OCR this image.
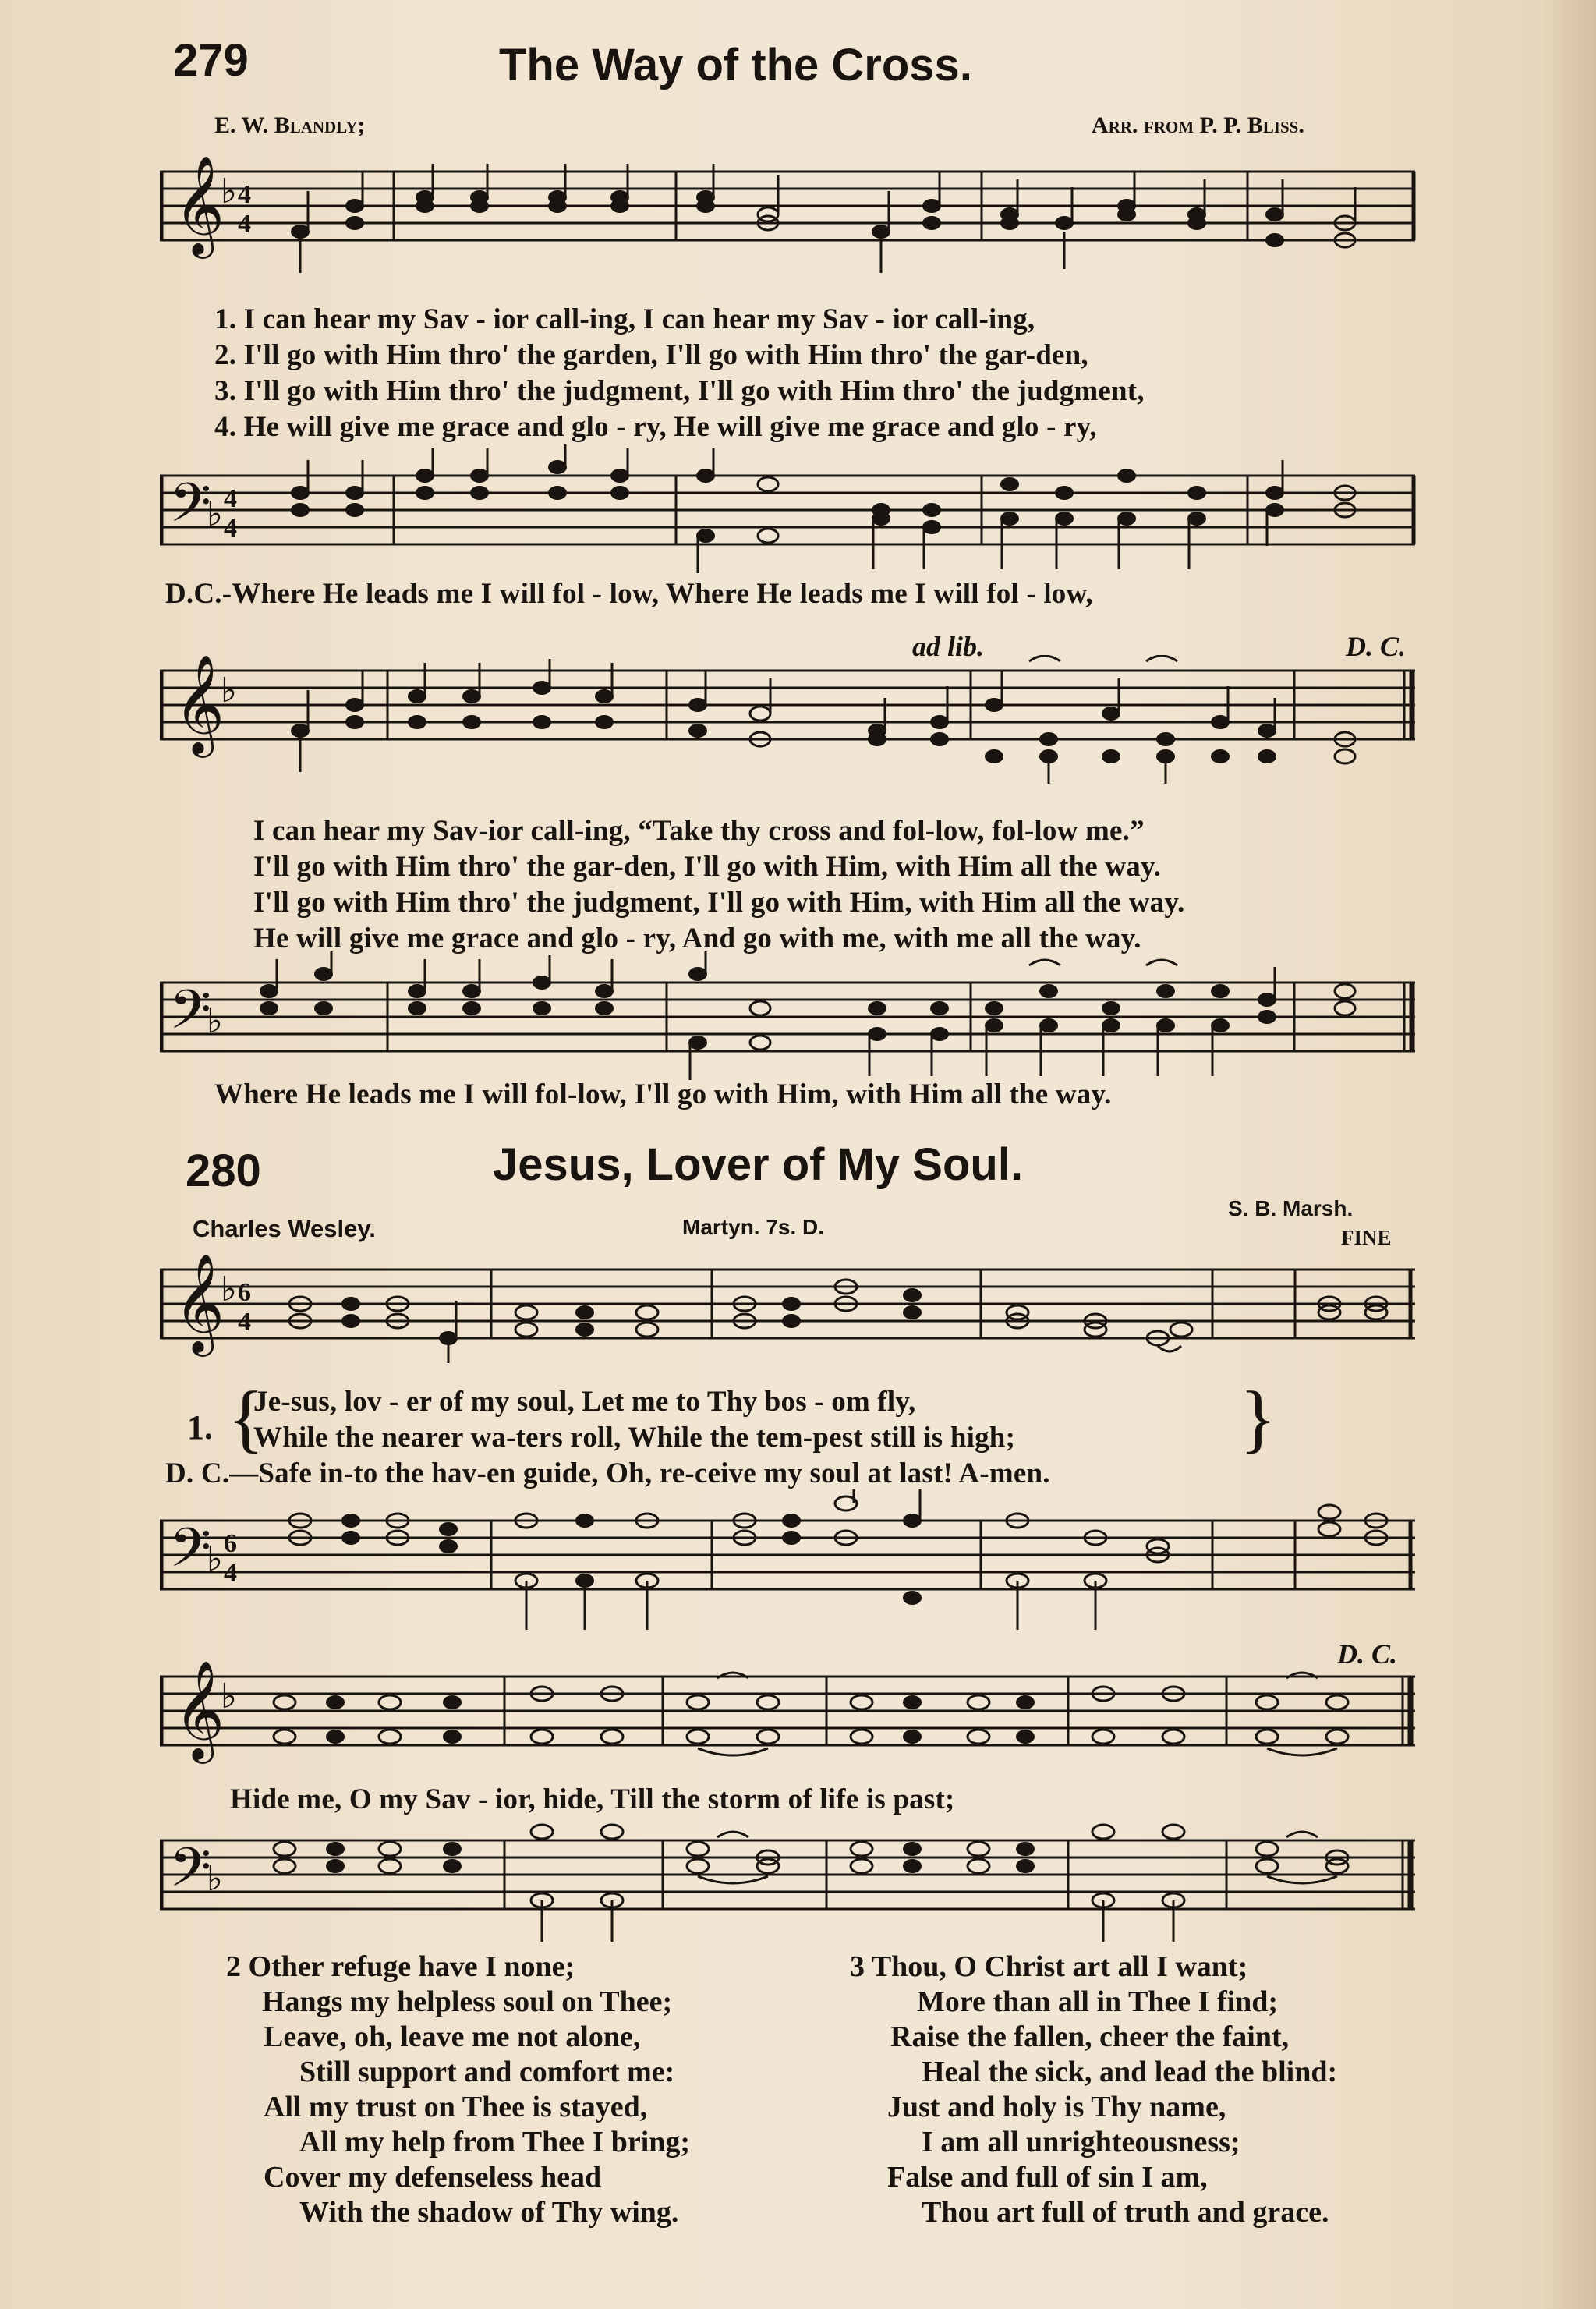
279	The Way of the Cross.
E. W. Blandly;	Arr. from P. P. Bliss.
𝄞
♭ 4
4
1. I can hear my Sav - ior call-ing, I can hear my Sav - ior call-ing,
2. I'll go with Him thro' the garden, I'll go with Him thro' the gar-den,
3. I'll go with Him thro' the judgment, I'll go with Him thro' the judgment,
4. He will give me grace and glo - ry, He will give me grace and glo - ry,
𝄢
♭ 4
4
D.C.-Where He leads me I will fol - low, Where He leads me I will fol - low,
ad lib.	D. C.
𝄞
♭
I can hear my Sav-ior call-ing, “Take thy cross and fol-low, fol-low me.”
I'll go with Him thro' the gar-den, I'll go with Him, with Him all the way.
I'll go with Him thro' the judgment, I'll go with Him, with Him all the way.
He will give me grace and glo - ry, And go with me, with me all the way.
𝄢
♭
Where He leads me I will fol-low, I'll go with Him, with Him all the way.
280	Jesus, Lover of My Soul.
Charles Wesley.	Martyn. 7s. D.
S. B. Marsh.
FINE
𝄞
♭ 6
4
1. {
Je-sus, lov - er of my soul, Let me to Thy bos - om fly,
While the nearer wa-ters roll, While the tem-pest still is high;	}
D. C.—Safe in-to the hav-en guide, Oh, re-ceive my soul at last! A-men.
𝄢
♭ 6
4
D. C.
𝄞
♭
Hide me, O my Sav - ior, hide, Till the storm of life is past;
𝄢
♭
2 Other refuge have I none;
Hangs my helpless soul on Thee;
Leave, oh, leave me not alone,
Still support and comfort me:
All my trust on Thee is stayed,
All my help from Thee I bring;
Cover my defenseless head
With the shadow of Thy wing.
3 Thou, O Christ art all I want;
More than all in Thee I find;
Raise the fallen, cheer the faint,
Heal the sick, and lead the blind:
Just and holy is Thy name,
I am all unrighteousness;
False and full of sin I am,
Thou art full of truth and grace.
